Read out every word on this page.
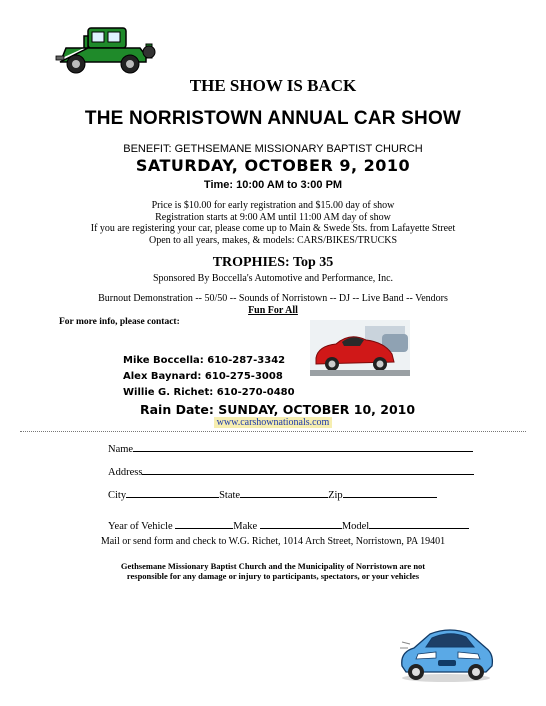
THE SHOW IS BACK
THE NORRISTOWN ANNUAL CAR SHOW
BENEFIT: GETHSEMANE MISSIONARY BAPTIST CHURCH
SATURDAY, OCTOBER 9, 2010
Time: 10:00 AM to 3:00 PM
Price is $10.00 for early registration and $15.00 day of show
Registration starts at 9:00 AM until 11:00 AM day of show
If you are registering your car, please come up to Main & Swede Sts. from Lafayette Street
Open to all years, makes, & models: CARS/BIKES/TRUCKS
TROPHIES: Top 35
Sponsored By Boccella's Automotive and Performance, Inc.
Burnout Demonstration -- 50/50 -- Sounds of Norristown -- DJ -- Live Band -- Vendors
Fun For All
For more info, please contact:
Mike Boccella: 610-287-3342
Alex Baynard: 610-275-3008
Willie G. Richet: 610-270-0480
Rain Date: SUNDAY, OCTOBER 10, 2010
www.carshownationals.com
Name
Address
City	State	Zip
Year of Vehicle	Make	Model
Mail or send form and check to W.G. Richet, 1014 Arch Street, Norristown, PA 19401
Gethsemane Missionary Baptist Church and the Municipality of Norristown are not
responsible for any damage or injury to participants, spectators, or your vehicles
